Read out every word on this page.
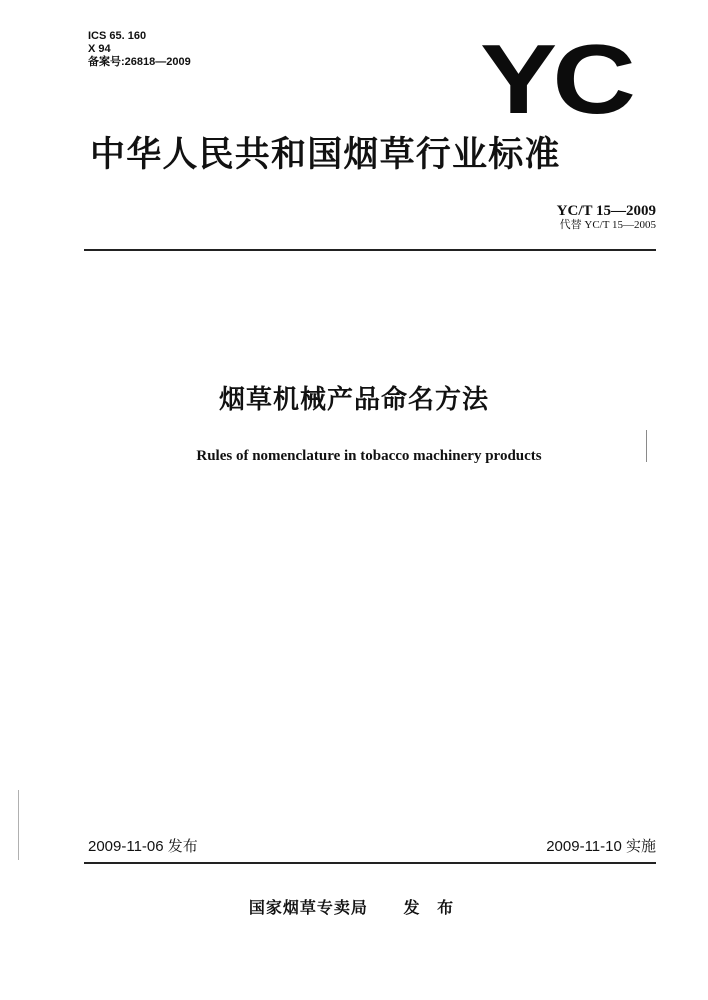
ICS 65. 160
X 94
备案号:26818—2009	YC
中华人民共和国烟草行业标准
YC/T 15—2009
代替 YC/T 15—2005
烟草机械产品命名方法
Rules of nomenclature in tobacco machinery products
2009-11-06 发布	2009-11-10 实施
国家烟草专卖局 发 布
